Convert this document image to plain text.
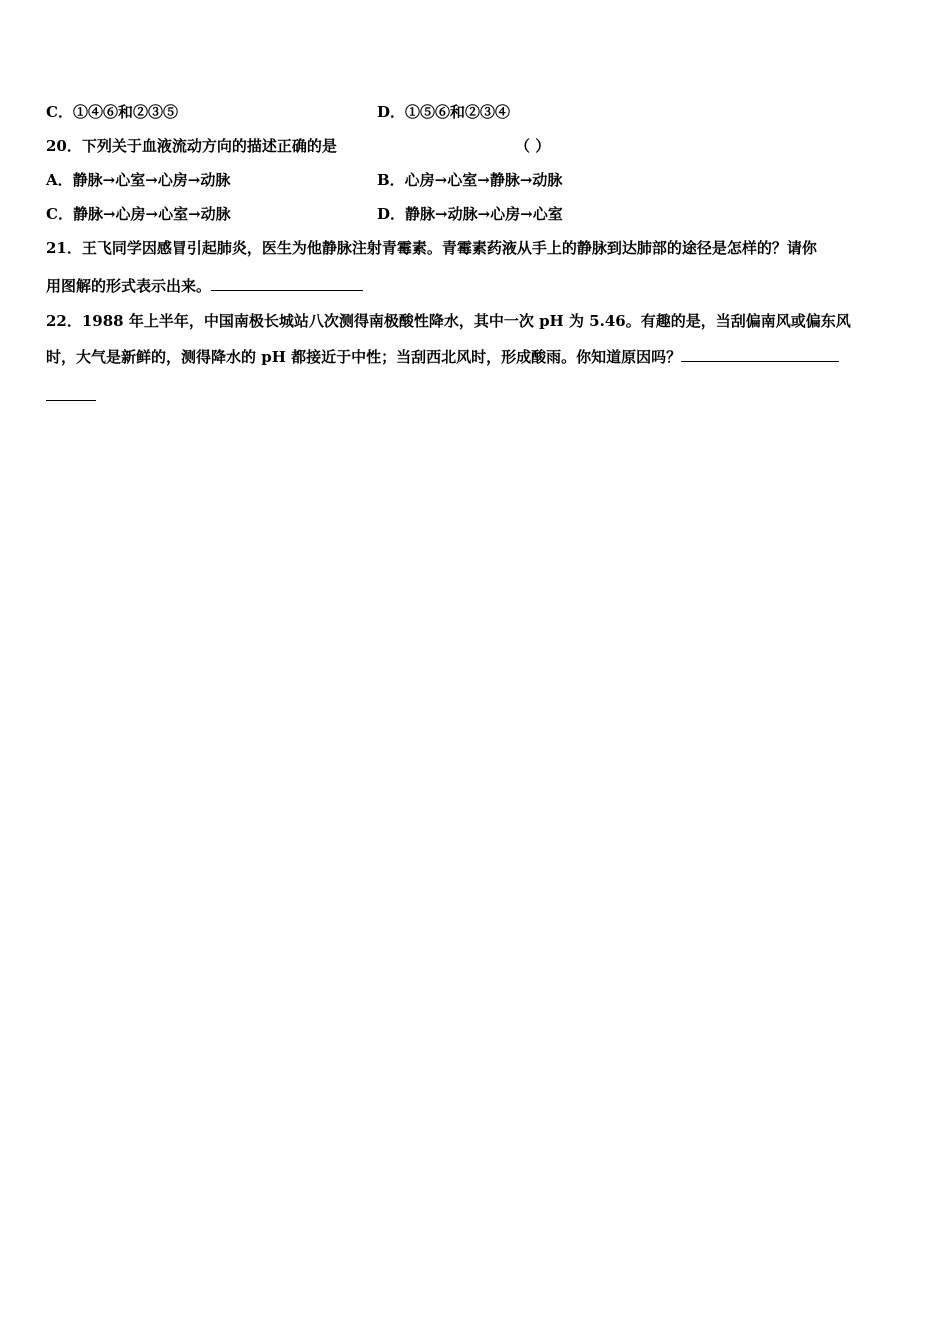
C．①④⑥和②③⑤	D．①⑤⑥和②③④
20．下列关于血液流动方向的描述正确的是	（ ）
A．静脉→心室→心房→动脉	B．心房→心室→静脉→动脉
C．静脉→心房→心室→动脉	D．静脉→动脉→心房→心室
21．王飞同学因感冒引起肺炎，医生为他静脉注射青霉素。青霉素药液从手上的静脉到达肺部的途径是怎样的？请你
用图解的形式表示出来。
22．1988 年上半年，中国南极长城站八次测得南极酸性降水，其中一次 pH 为 5.46。有趣的是，当刮偏南风或偏东风
时，大气是新鲜的，测得降水的 pH 都接近于中性；当刮西北风时，形成酸雨。你知道原因吗？
